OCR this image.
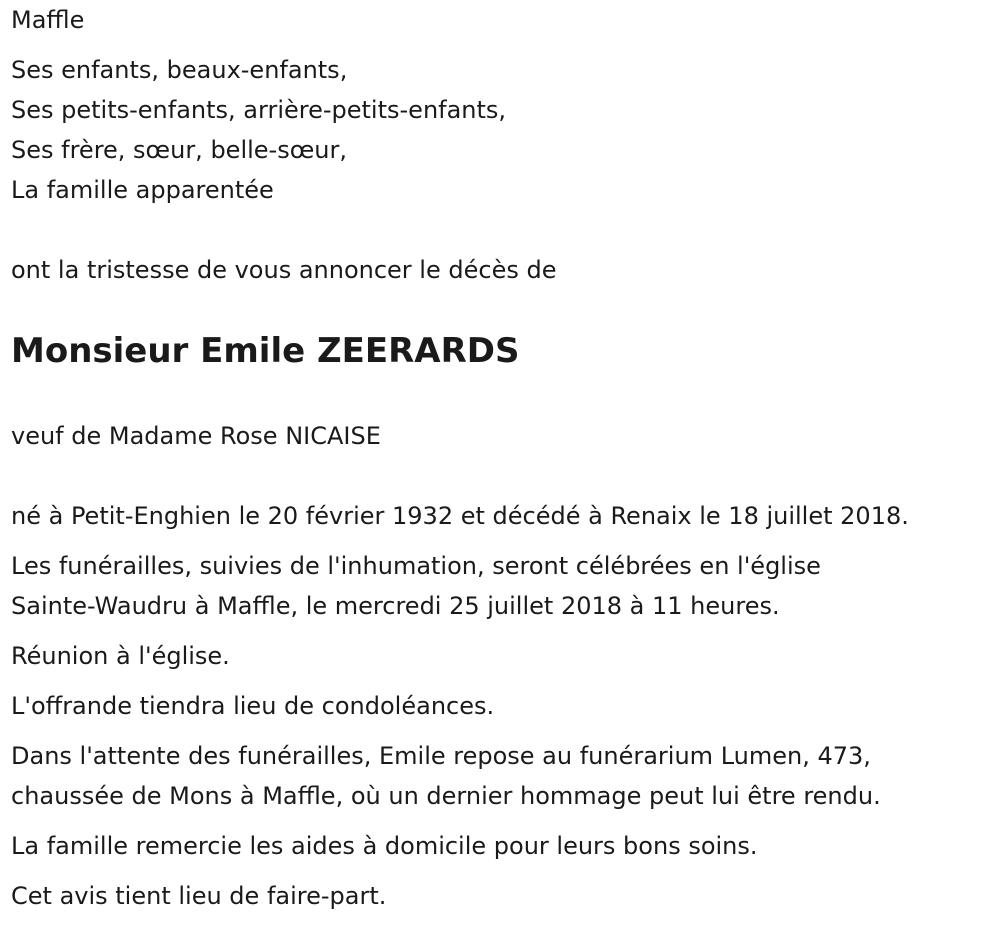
Maffle

Ses enfants, beaux-enfants,

Ses petits-enfants, arrière-petits-enfants,

Ses frère, sœur, belle-sœur,

La famille apparentée

ont la tristesse de vous annoncer le décès de

Monsieur Emile ZEERARDS

veuf de Madame Rose NICAISE

né à Petit-Enghien le 20 février 1932 et décédé à Renaix le 18 juillet 2018.

Les funérailles, suivies de l'inhumation, seront célébrées en l'église

Sainte-Waudru à Maffle, le mercredi 25 juillet 2018 à 11 heures.

Réunion à l'église.

L'offrande tiendra lieu de condoléances.

Dans l'attente des funérailles, Emile repose au funérarium Lumen, 473,

chaussée de Mons à Maffle, où un dernier hommage peut lui être rendu.

La famille remercie les aides à domicile pour leurs bons soins.

Cet avis tient lieu de faire-part.
